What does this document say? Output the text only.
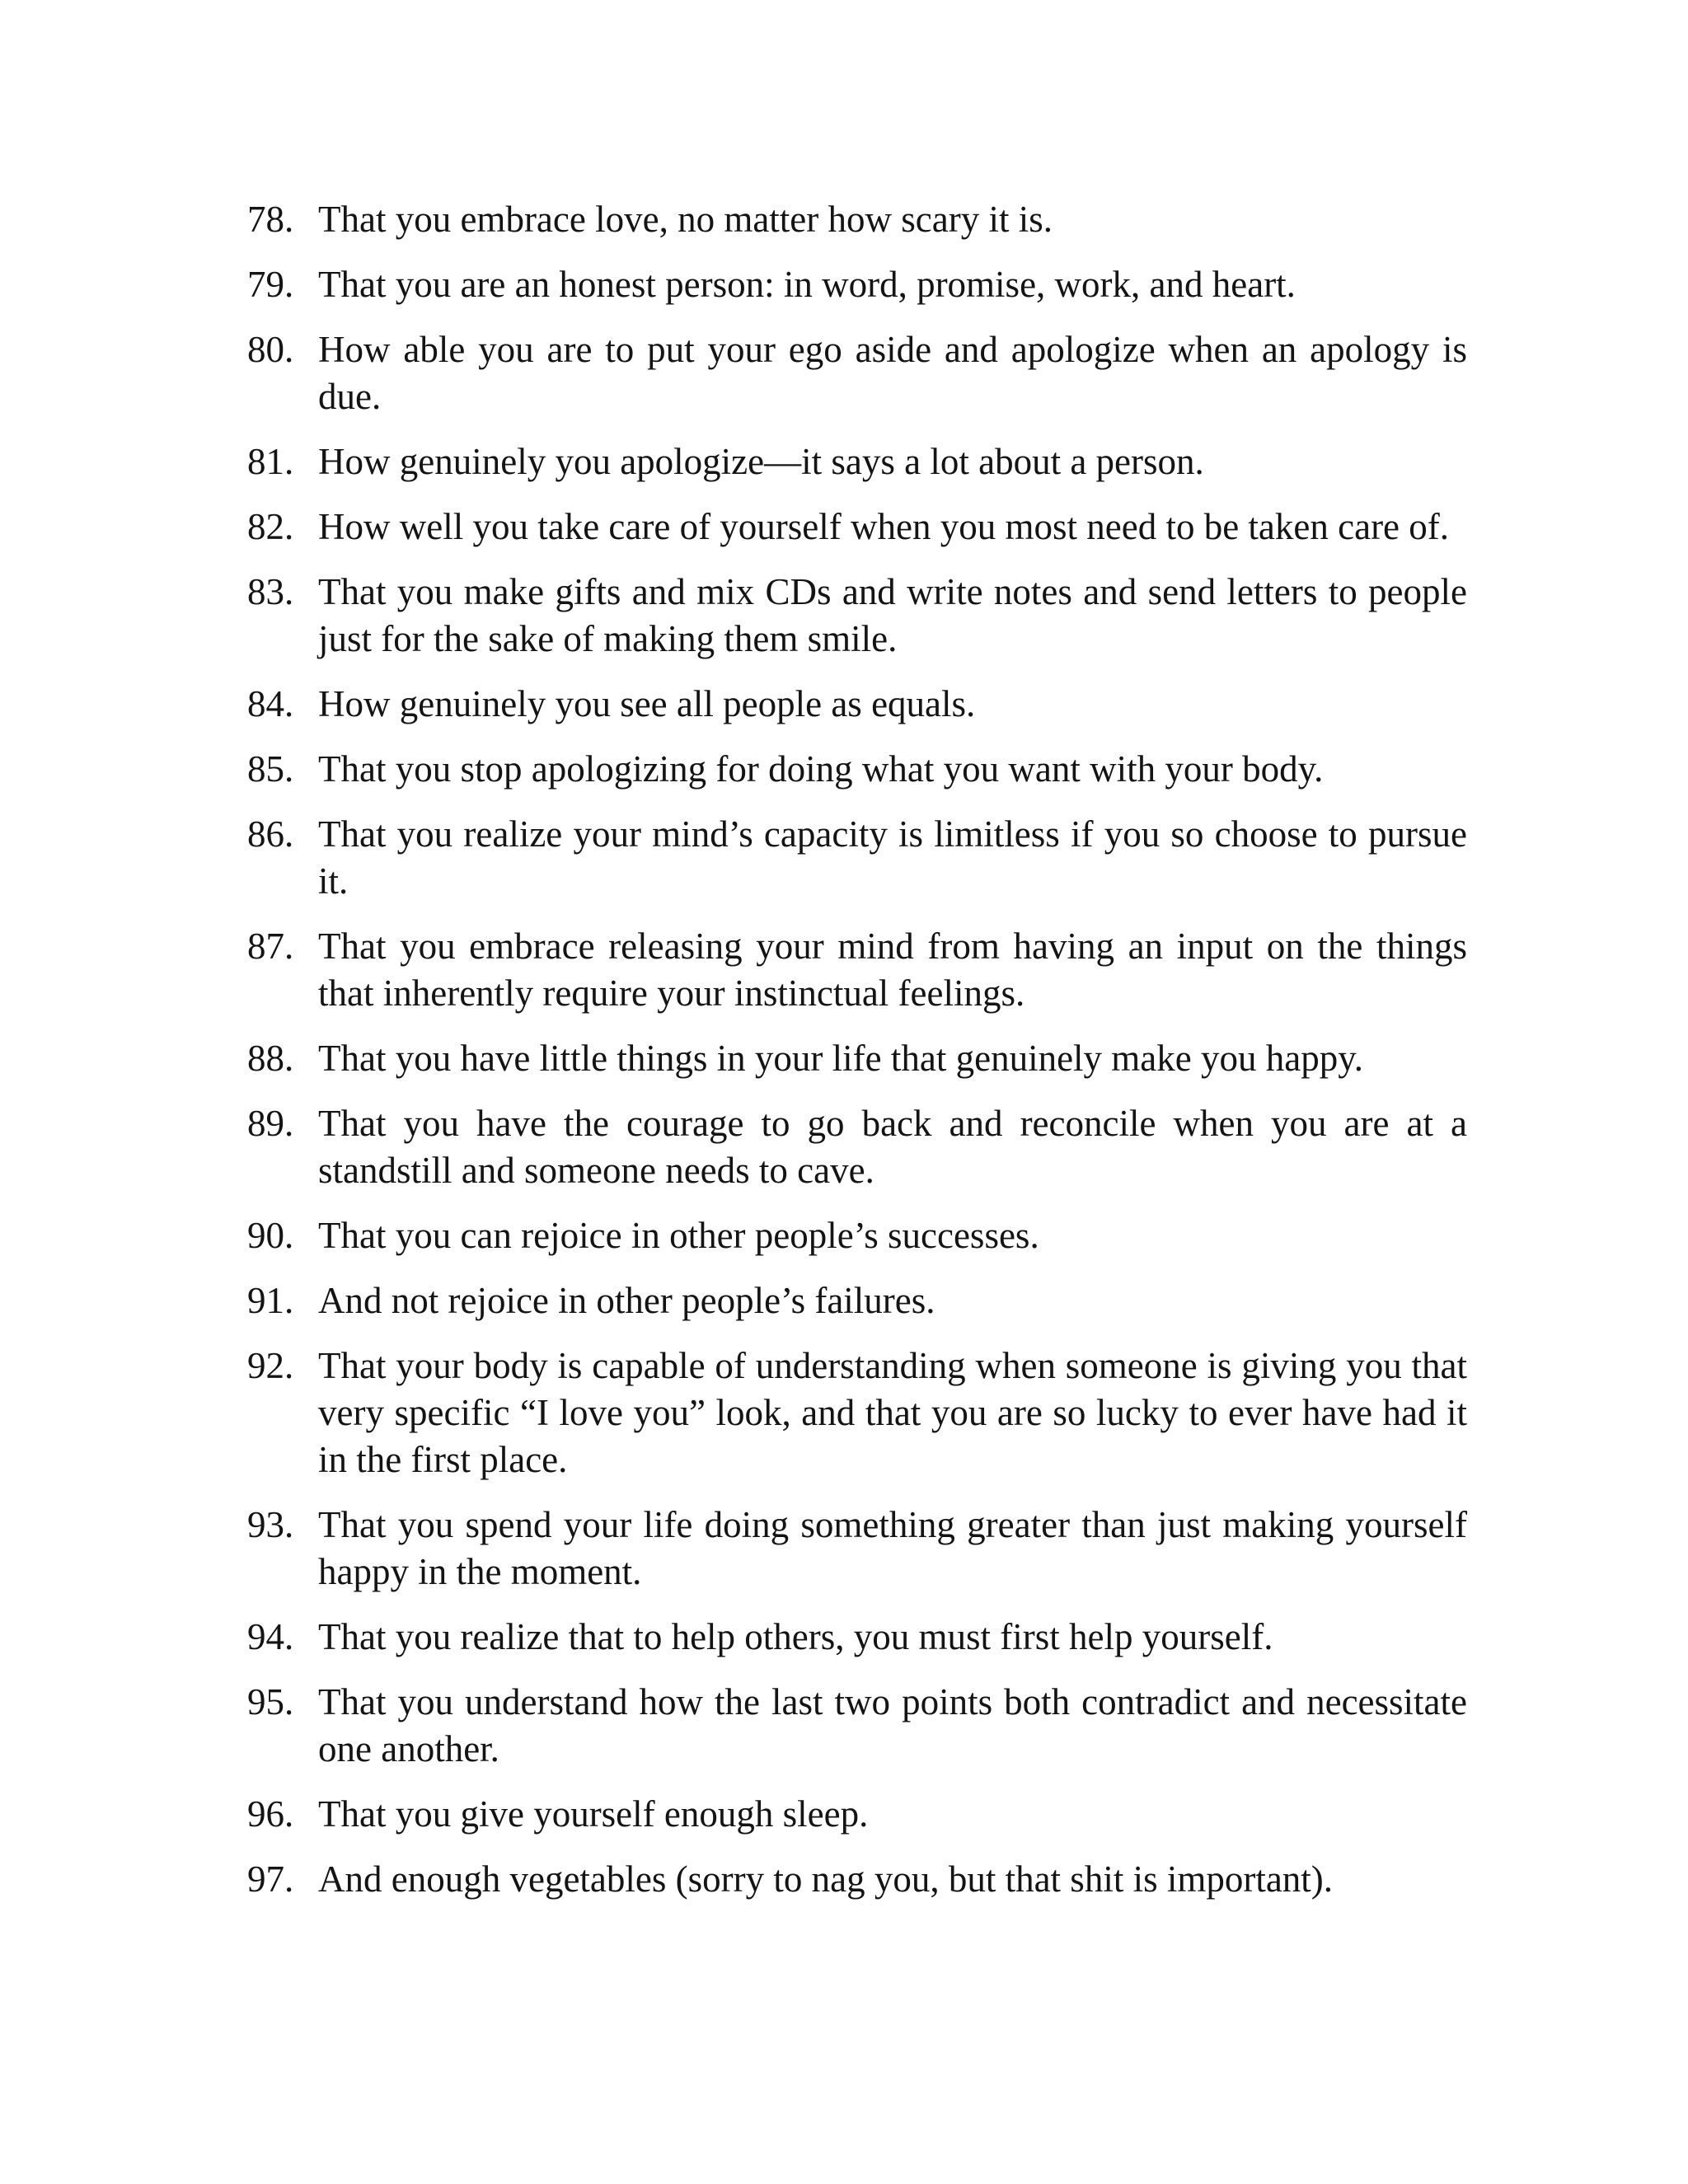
78. That you embrace love, no matter how scary it is.
79. That you are an honest person: in word, promise, work, and heart.
80. How able you are to put your ego aside and apologize when an apology is due.
81. How genuinely you apologize—it says a lot about a person.
82. How well you take care of yourself when you most need to be taken care of.
83. That you make gifts and mix CDs and write notes and send letters to people just for the sake of making them smile.
84. How genuinely you see all people as equals.
85. That you stop apologizing for doing what you want with your body.
86. That you realize your mind’s capacity is limitless if you so choose to pursue it.
87. That you embrace releasing your mind from having an input on the things that inherently require your instinctual feelings.
88. That you have little things in your life that genuinely make you happy.
89. That you have the courage to go back and reconcile when you are at a standstill and someone needs to cave.
90. That you can rejoice in other people’s successes.
91. And not rejoice in other people’s failures.
92. That your body is capable of understanding when someone is giving you that very specific “I love you” look, and that you are so lucky to ever have had it in the first place.
93. That you spend your life doing something greater than just making yourself happy in the moment.
94. That you realize that to help others, you must first help yourself.
95. That you understand how the last two points both contradict and necessitate one another.
96. That you give yourself enough sleep.
97. And enough vegetables (sorry to nag you, but that shit is important).
